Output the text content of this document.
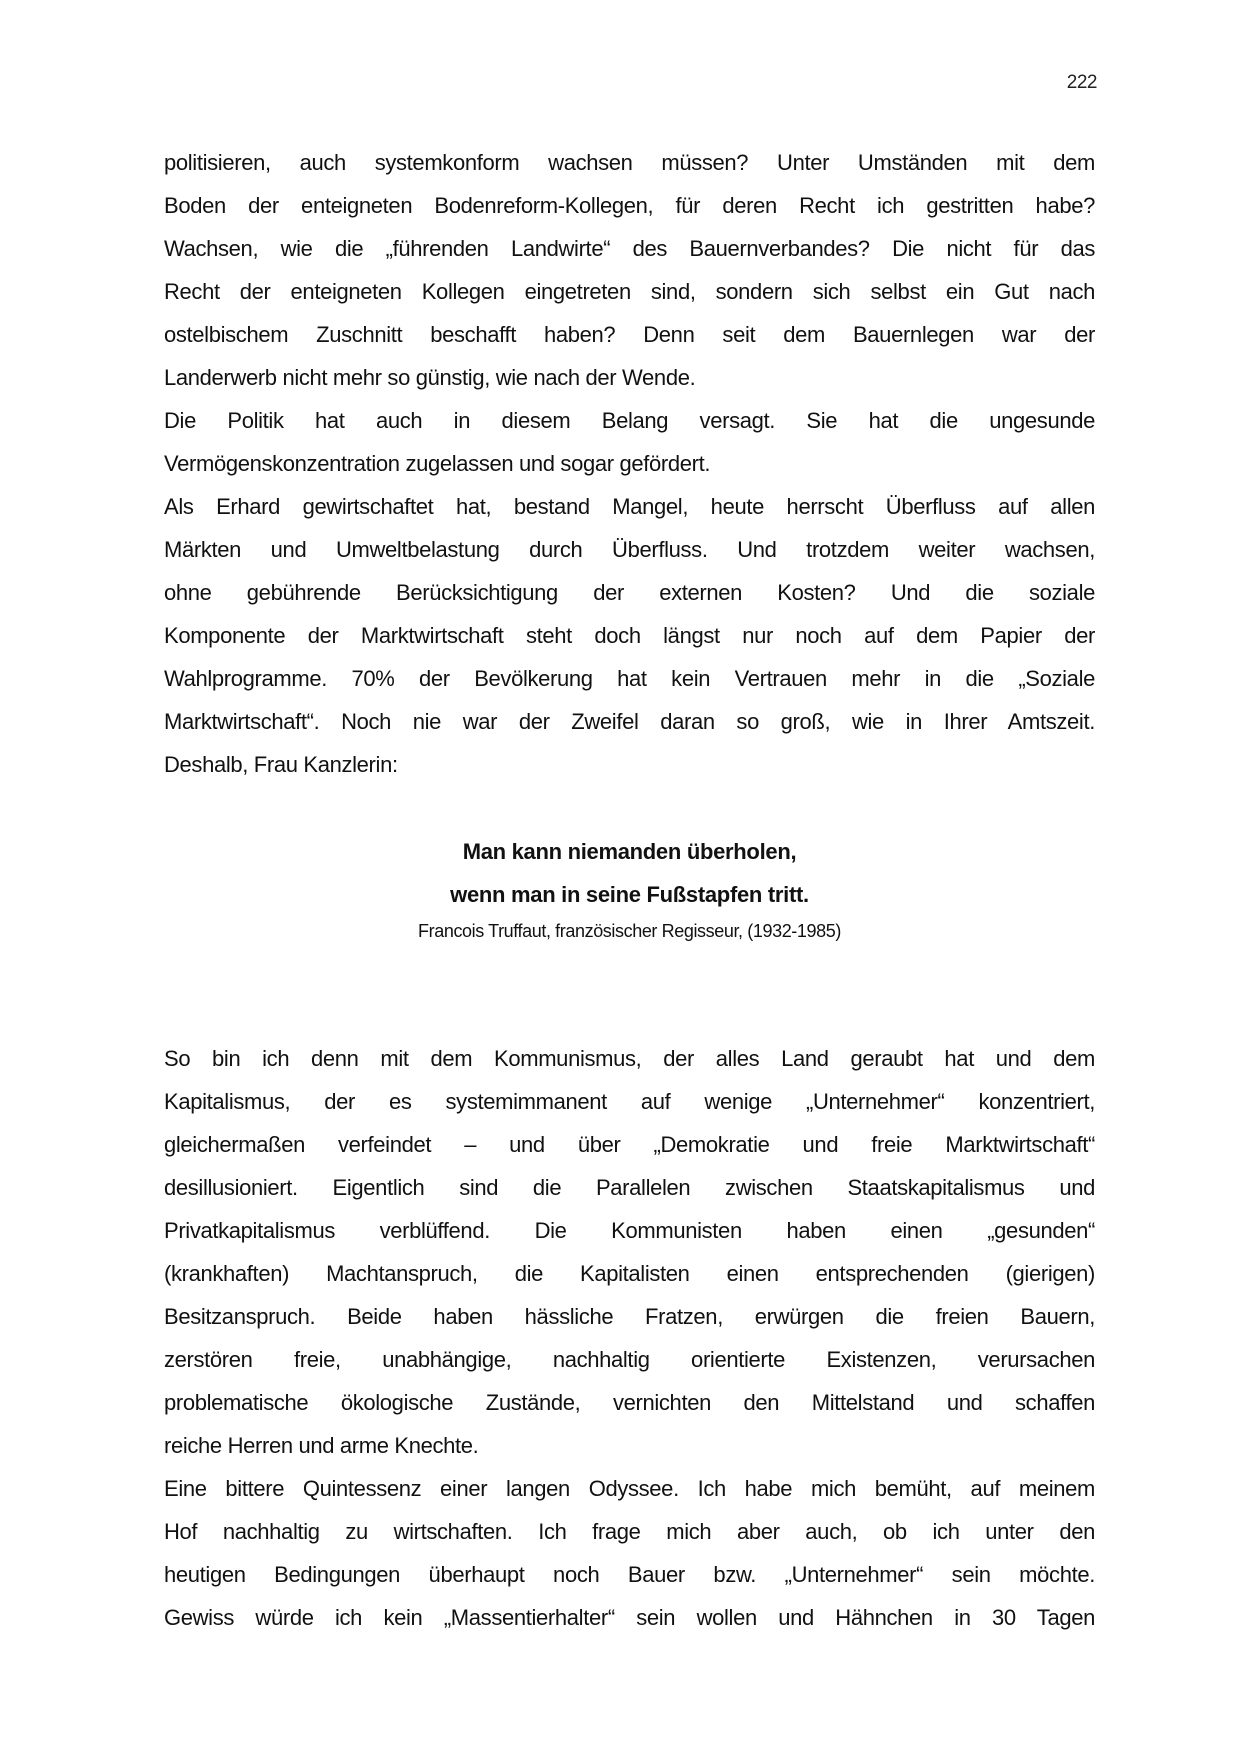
222
politisieren, auch systemkonform wachsen müssen? Unter Umständen mit dem
Boden der enteigneten Bodenreform-Kollegen, für deren Recht ich gestritten habe?
Wachsen, wie die „führenden Landwirte“ des Bauernverbandes? Die nicht für das
Recht der enteigneten Kollegen eingetreten sind, sondern sich selbst ein Gut nach
ostelbischem Zuschnitt beschafft haben? Denn seit dem Bauernlegen war der
Landerwerb nicht mehr so günstig, wie nach der Wende.
Die Politik hat auch in diesem Belang versagt. Sie hat die ungesunde
Vermögenskonzentration zugelassen und sogar gefördert.
Als Erhard gewirtschaftet hat, bestand Mangel, heute herrscht Überfluss auf allen
Märkten und Umweltbelastung durch Überfluss. Und trotzdem weiter wachsen,
ohne gebührende Berücksichtigung der externen Kosten? Und die soziale
Komponente der Marktwirtschaft steht doch längst nur noch auf dem Papier der
Wahlprogramme. 70% der Bevölkerung hat kein Vertrauen mehr in die „Soziale
Marktwirtschaft“. Noch nie war der Zweifel daran so groß, wie in Ihrer Amtszeit.
Deshalb, Frau Kanzlerin:
Man kann niemanden überholen,
wenn man in seine Fußstapfen tritt.
Francois Truffaut, französischer Regisseur, (1932-1985)
So bin ich denn mit dem Kommunismus, der alles Land geraubt hat und dem
Kapitalismus, der es systemimmanent auf wenige „Unternehmer“ konzentriert,
gleichermaßen verfeindet – und über „Demokratie und freie Marktwirtschaft“
desillusioniert. Eigentlich sind die Parallelen zwischen Staatskapitalismus und
Privatkapitalismus verblüffend. Die Kommunisten haben einen „gesunden“
(krankhaften) Machtanspruch, die Kapitalisten einen entsprechenden (gierigen)
Besitzanspruch. Beide haben hässliche Fratzen, erwürgen die freien Bauern,
zerstören freie, unabhängige, nachhaltig orientierte Existenzen, verursachen
problematische ökologische Zustände, vernichten den Mittelstand und schaffen
reiche Herren und arme Knechte.
Eine bittere Quintessenz einer langen Odyssee. Ich habe mich bemüht, auf meinem
Hof nachhaltig zu wirtschaften. Ich frage mich aber auch, ob ich unter den
heutigen Bedingungen überhaupt noch Bauer bzw. „Unternehmer“ sein möchte.
Gewiss würde ich kein „Massentierhalter“ sein wollen und Hähnchen in 30 Tagen
